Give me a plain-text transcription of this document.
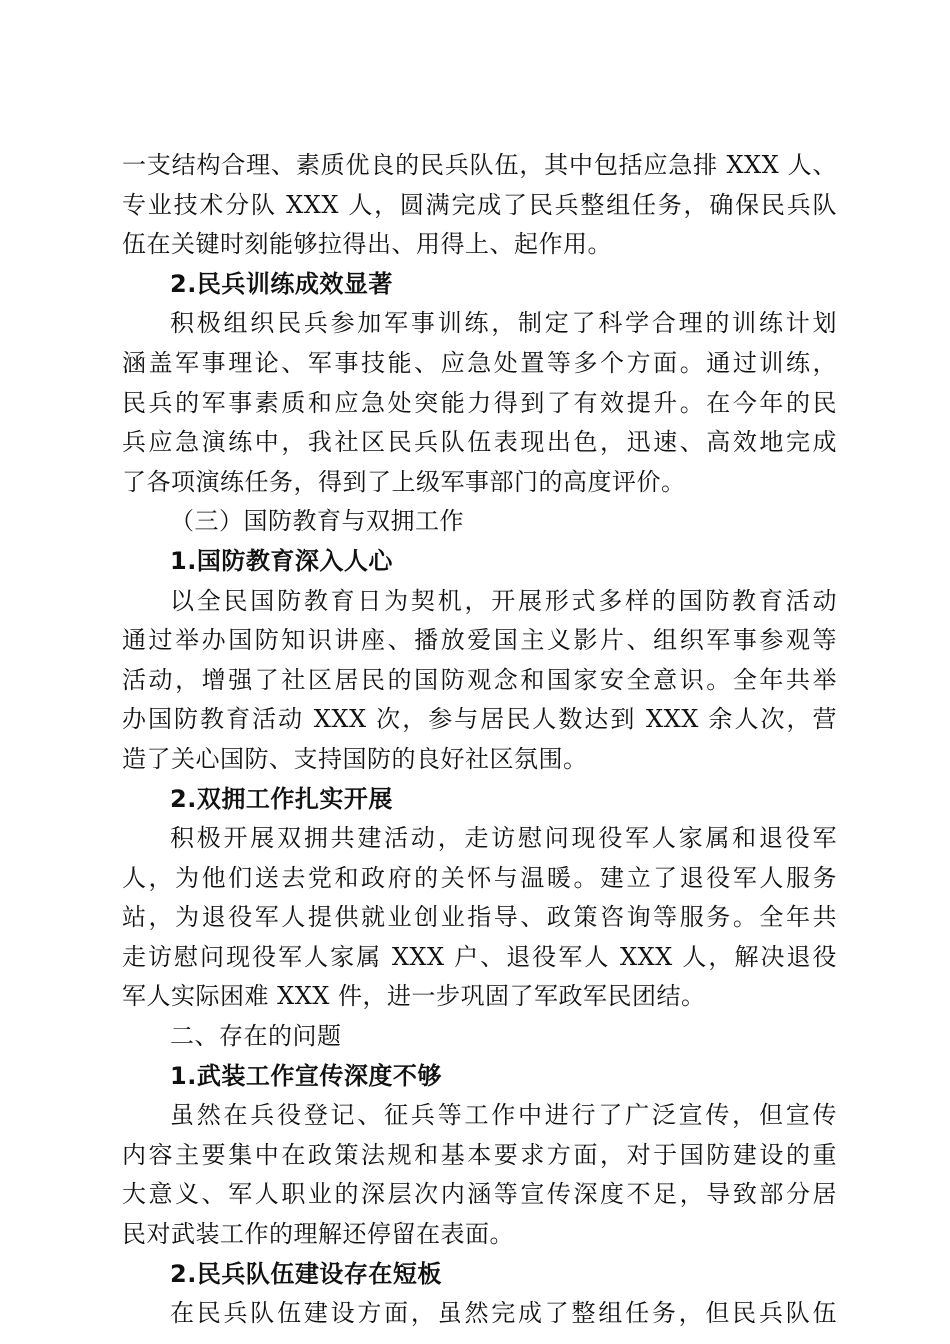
一支结构合理、素质优良的民兵队伍，其中包括应急排 XXX 人、
专业技术分队 XXX 人，圆满完成了民兵整组任务，确保民兵队
伍在关键时刻能够拉得出、用得上、起作用。
2.民兵训练成效显著
积极组织民兵参加军事训练，制定了科学合理的训练计划
涵盖军事理论、军事技能、应急处置等多个方面。通过训练，
民兵的军事素质和应急处突能力得到了有效提升。在今年的民
兵应急演练中，我社区民兵队伍表现出色，迅速、高效地完成
了各项演练任务，得到了上级军事部门的高度评价。
（三）国防教育与双拥工作
1.国防教育深入人心
以全民国防教育日为契机，开展形式多样的国防教育活动
通过举办国防知识讲座、播放爱国主义影片、组织军事参观等
活动，增强了社区居民的国防观念和国家安全意识。全年共举
办国防教育活动 XXX 次，参与居民人数达到 XXX 余人次，营
造了关心国防、支持国防的良好社区氛围。
2.双拥工作扎实开展
积极开展双拥共建活动，走访慰问现役军人家属和退役军
人，为他们送去党和政府的关怀与温暖。建立了退役军人服务
站，为退役军人提供就业创业指导、政策咨询等服务。全年共
走访慰问现役军人家属 XXX 户、退役军人 XXX 人，解决退役
军人实际困难 XXX 件，进一步巩固了军政军民团结。
二、存在的问题
1.武装工作宣传深度不够
虽然在兵役登记、征兵等工作中进行了广泛宣传，但宣传
内容主要集中在政策法规和基本要求方面，对于国防建设的重
大意义、军人职业的深层次内涵等宣传深度不足，导致部分居
民对武装工作的理解还停留在表面。
2.民兵队伍建设存在短板
在民兵队伍建设方面，虽然完成了整组任务，但民兵队伍
